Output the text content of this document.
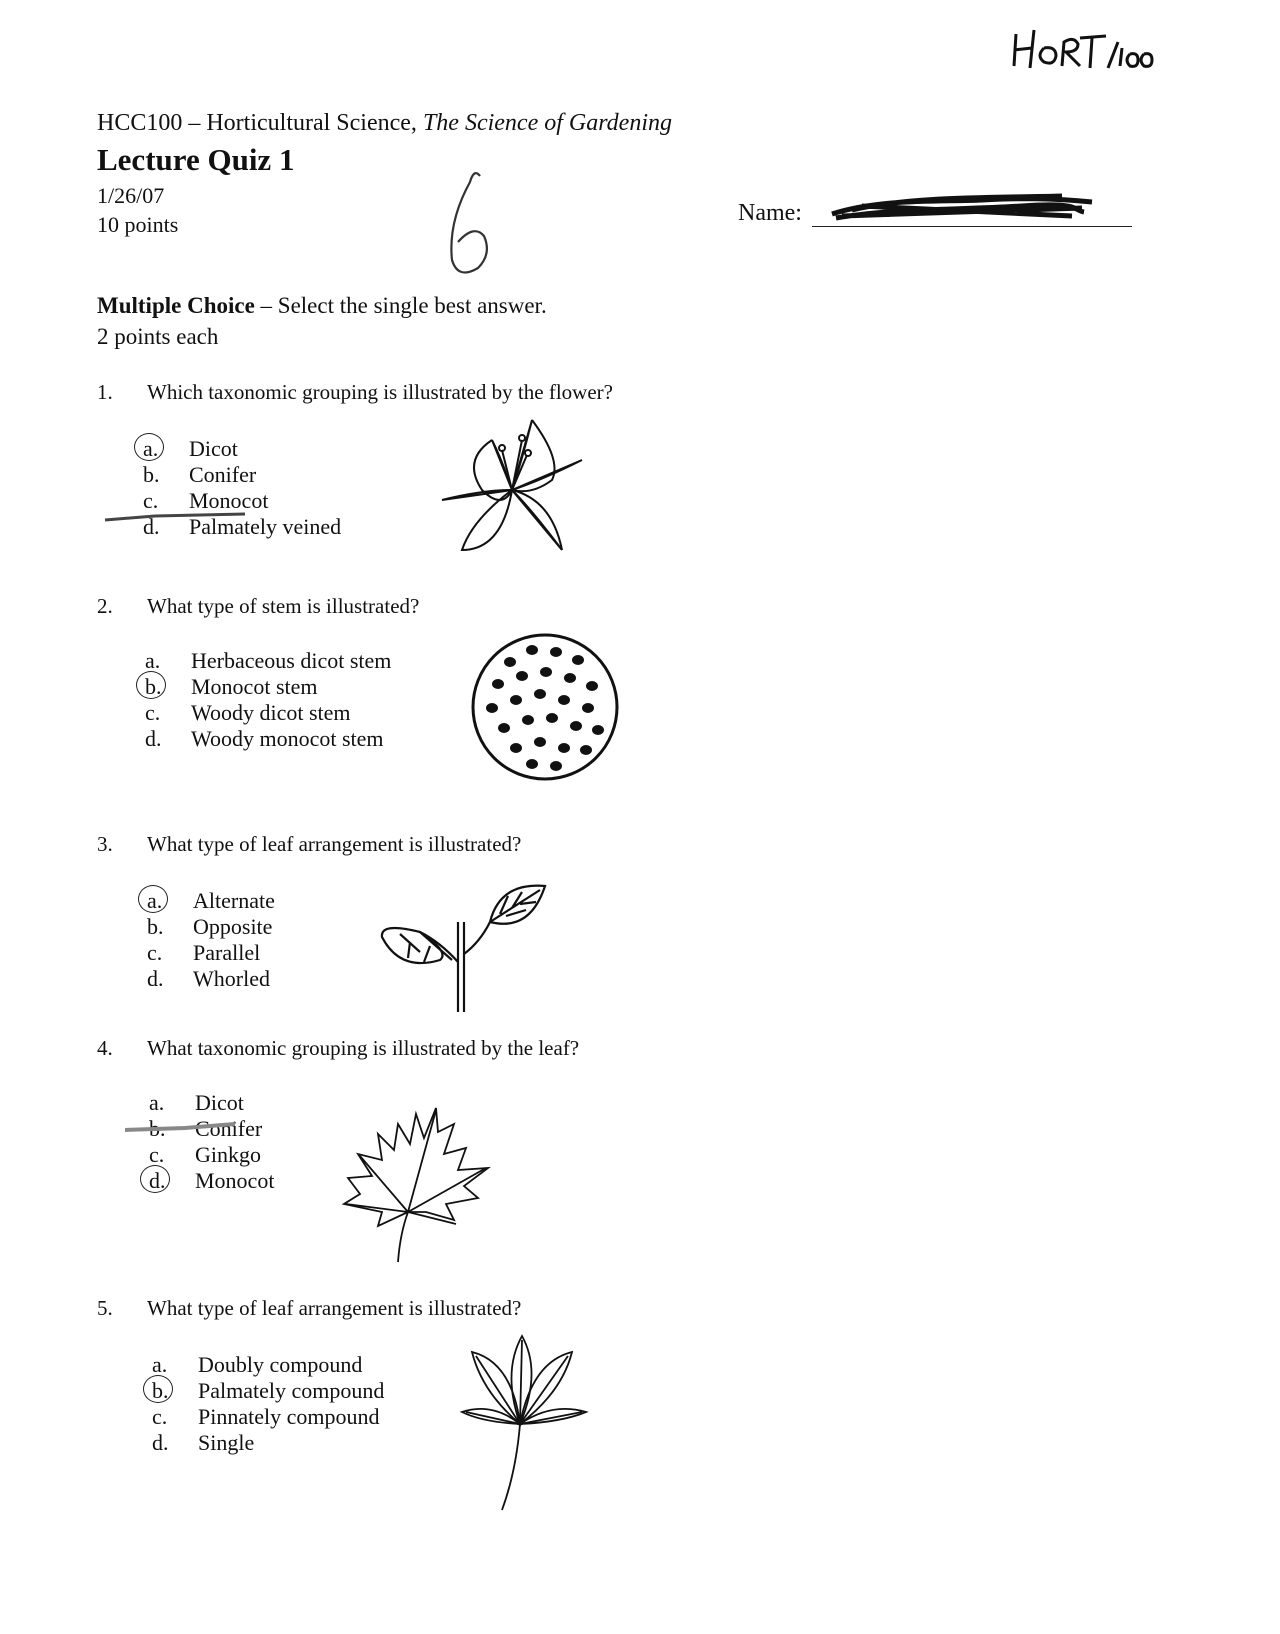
HCC100 – Horticultural Science, The Science of Gardening
Lecture Quiz 1
1/26/07
10 points
6
Name:
Multiple Choice – Select the single best answer.
2 points each
1. Which taxonomic grouping is illustrated by the flower?
a. Dicot
b. Conifer
c. Monocot
d. Palmately veined
2. What type of stem is illustrated?
a. Herbaceous dicot stem
b. Monocot stem
c. Woody dicot stem
d. Woody monocot stem
3. What type of leaf arrangement is illustrated?
a. Alternate
b. Opposite
c. Parallel
d. Whorled
4. What taxonomic grouping is illustrated by the leaf?
a. Dicot
b. Conifer
c. Ginkgo
d. Monocot
5. What type of leaf arrangement is illustrated?
a. Doubly compound
b. Palmately compound
c. Pinnately compound
d. Single
